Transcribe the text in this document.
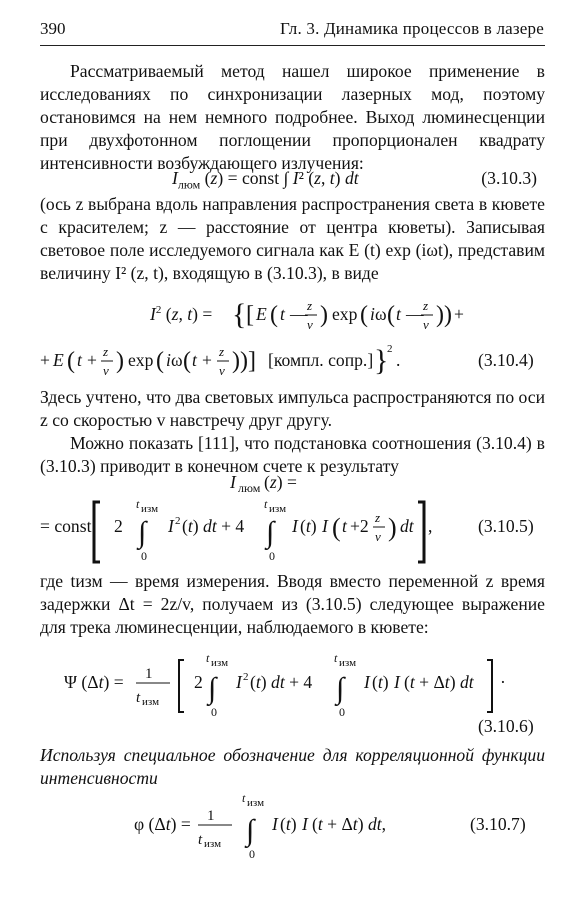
390	Гл. 3. Динамика процессов в лазере

Рассматриваемый метод нашел широкое применение в исследованиях по синхронизации лазерных мод, поэтому остановимся на нем немного подробнее. Выход люминесценции при двухфотонном поглощении пропорционален квадрату интенсивности возбуждающего излучения:

$I_{люм}$ (z) = const ∫ I² (z, t) dt	(3.10.3)

(ось z выбрана вдоль направления распространения света в кювете с красителем; z — расстояние от центра кюветы). Записывая световое поле исследуемого сигнала как E (t) exp (iωt), представим величину I² (z, t), входящую в (3.10.3), в виде

$I^2$ (z, t) = { [ E ( t — z
v ) exp ( i ω ( t — z
v )) +
+ E ( t + z
v ) exp ( i ω ( t + z
v ))] [компл. сопр.] }
2
.	(3.10.4)

Здесь учтено, что два световых импульса распространяются по оси z со скоростью v навстречу друг другу.

Можно показать [111], что подстановка соотношения (3.10.4) в (3.10.3) приводит в конечном счете к результату

I люм (z) =
= const 2
t изм
∫
0
I 2 (t) dt + 4
t изм
∫
0
I (t) I ( t +2 z
v ) dt ,	(3.10.5)

где tизм — время измерения. Вводя вместо переменной z время задержки Δt = 2z/v, получаем из (3.10.5) следующее выражение для трека люминесценции, наблюдаемого в кювете:

Ψ (Δt) = 1
t изм
2
t изм
∫
0
I 2 (t) dt + 4
t изм
∫
0
I (t) I (t + Δt) dt ·
(3.10.6)

Используя специальное обозначение для корреляционной функции интенсивности

φ (Δt) = 1
t изм
t изм
∫
0
I (t) I (t + Δt) dt,	(3.10.7)
